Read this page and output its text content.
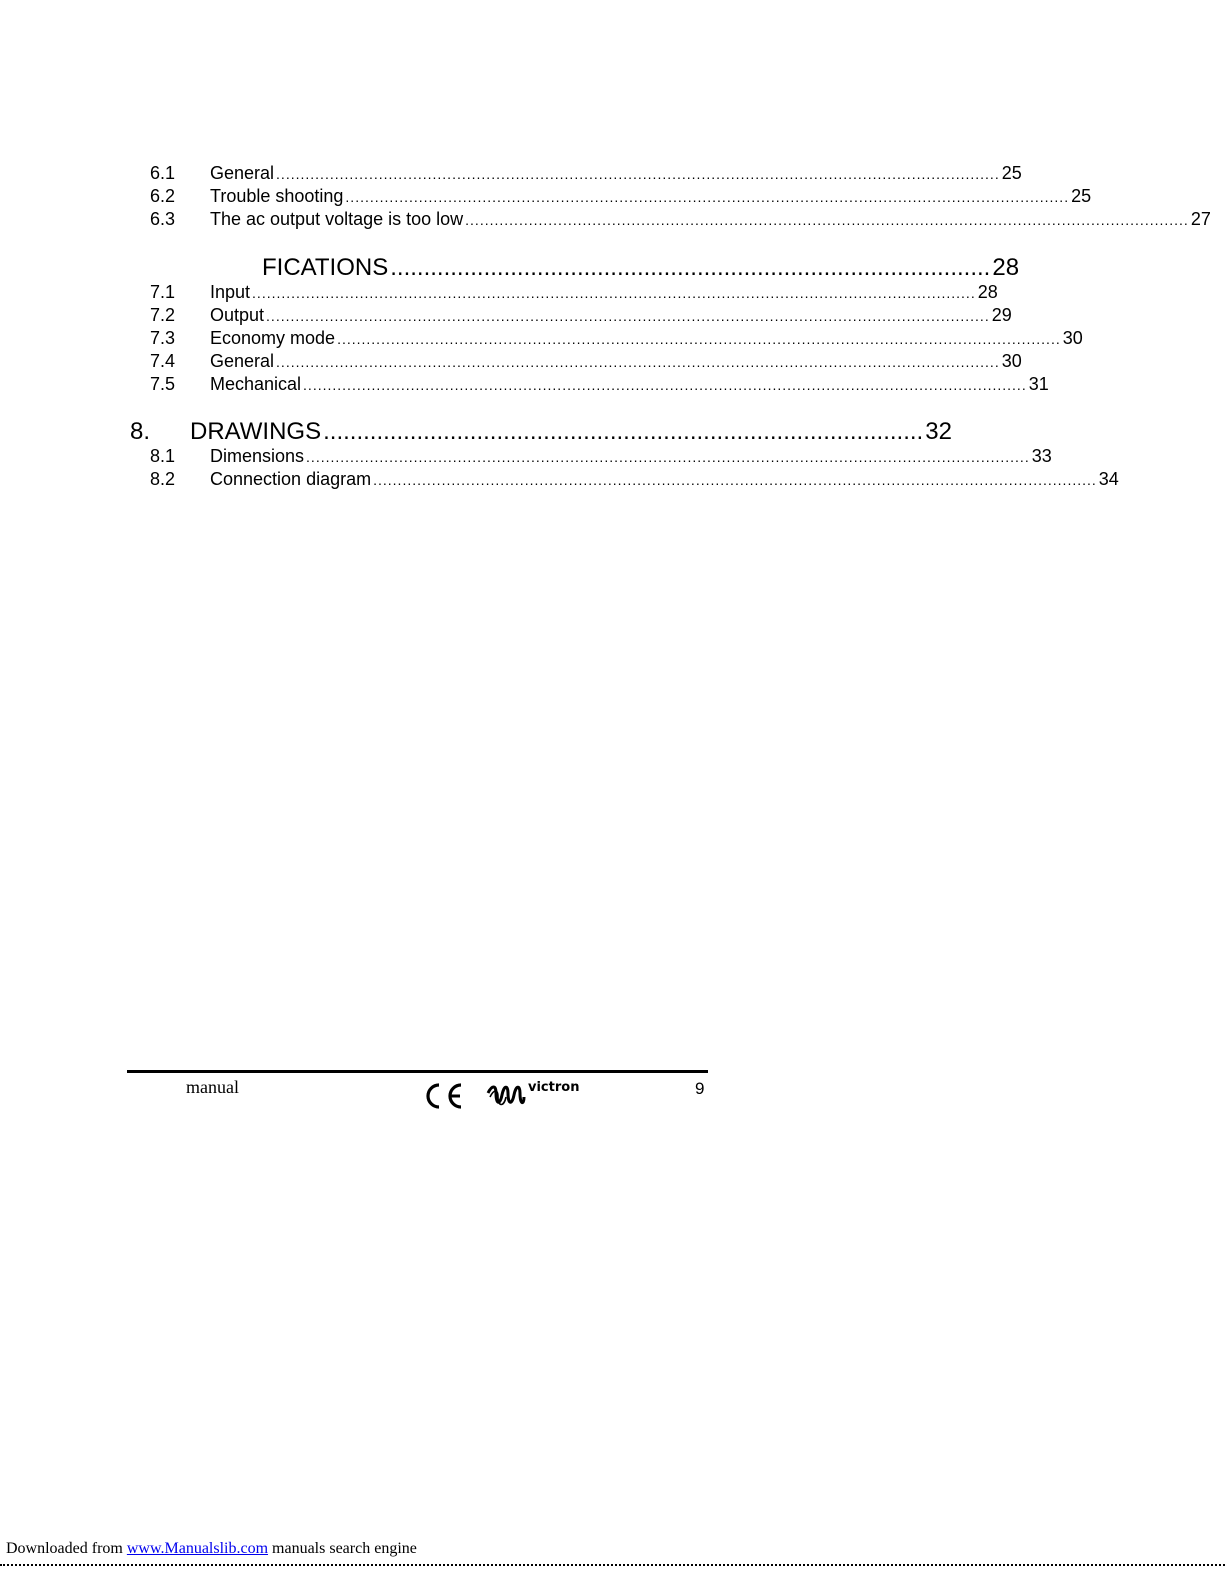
6.1	General .................................................................................................................................................... 25
6.2	Trouble shooting .................................................................................................................................................... 25
6.3	The ac output voltage is too low .................................................................................................................................................... 27
FICATIONS .......................................................................................... 28
7.1	Input .................................................................................................................................................... 28
7.2	Output .................................................................................................................................................... 29
7.3	Economy mode .................................................................................................................................................... 30
7.4	General .................................................................................................................................................... 30
7.5	Mechanical .................................................................................................................................................... 31
8.	DRAWINGS .......................................................................................... 32
8.1	Dimensions .................................................................................................................................................... 33
8.2	Connection diagram .................................................................................................................................................... 34
manual	victron	9
Downloaded from www.Manualslib.com manuals search engine
